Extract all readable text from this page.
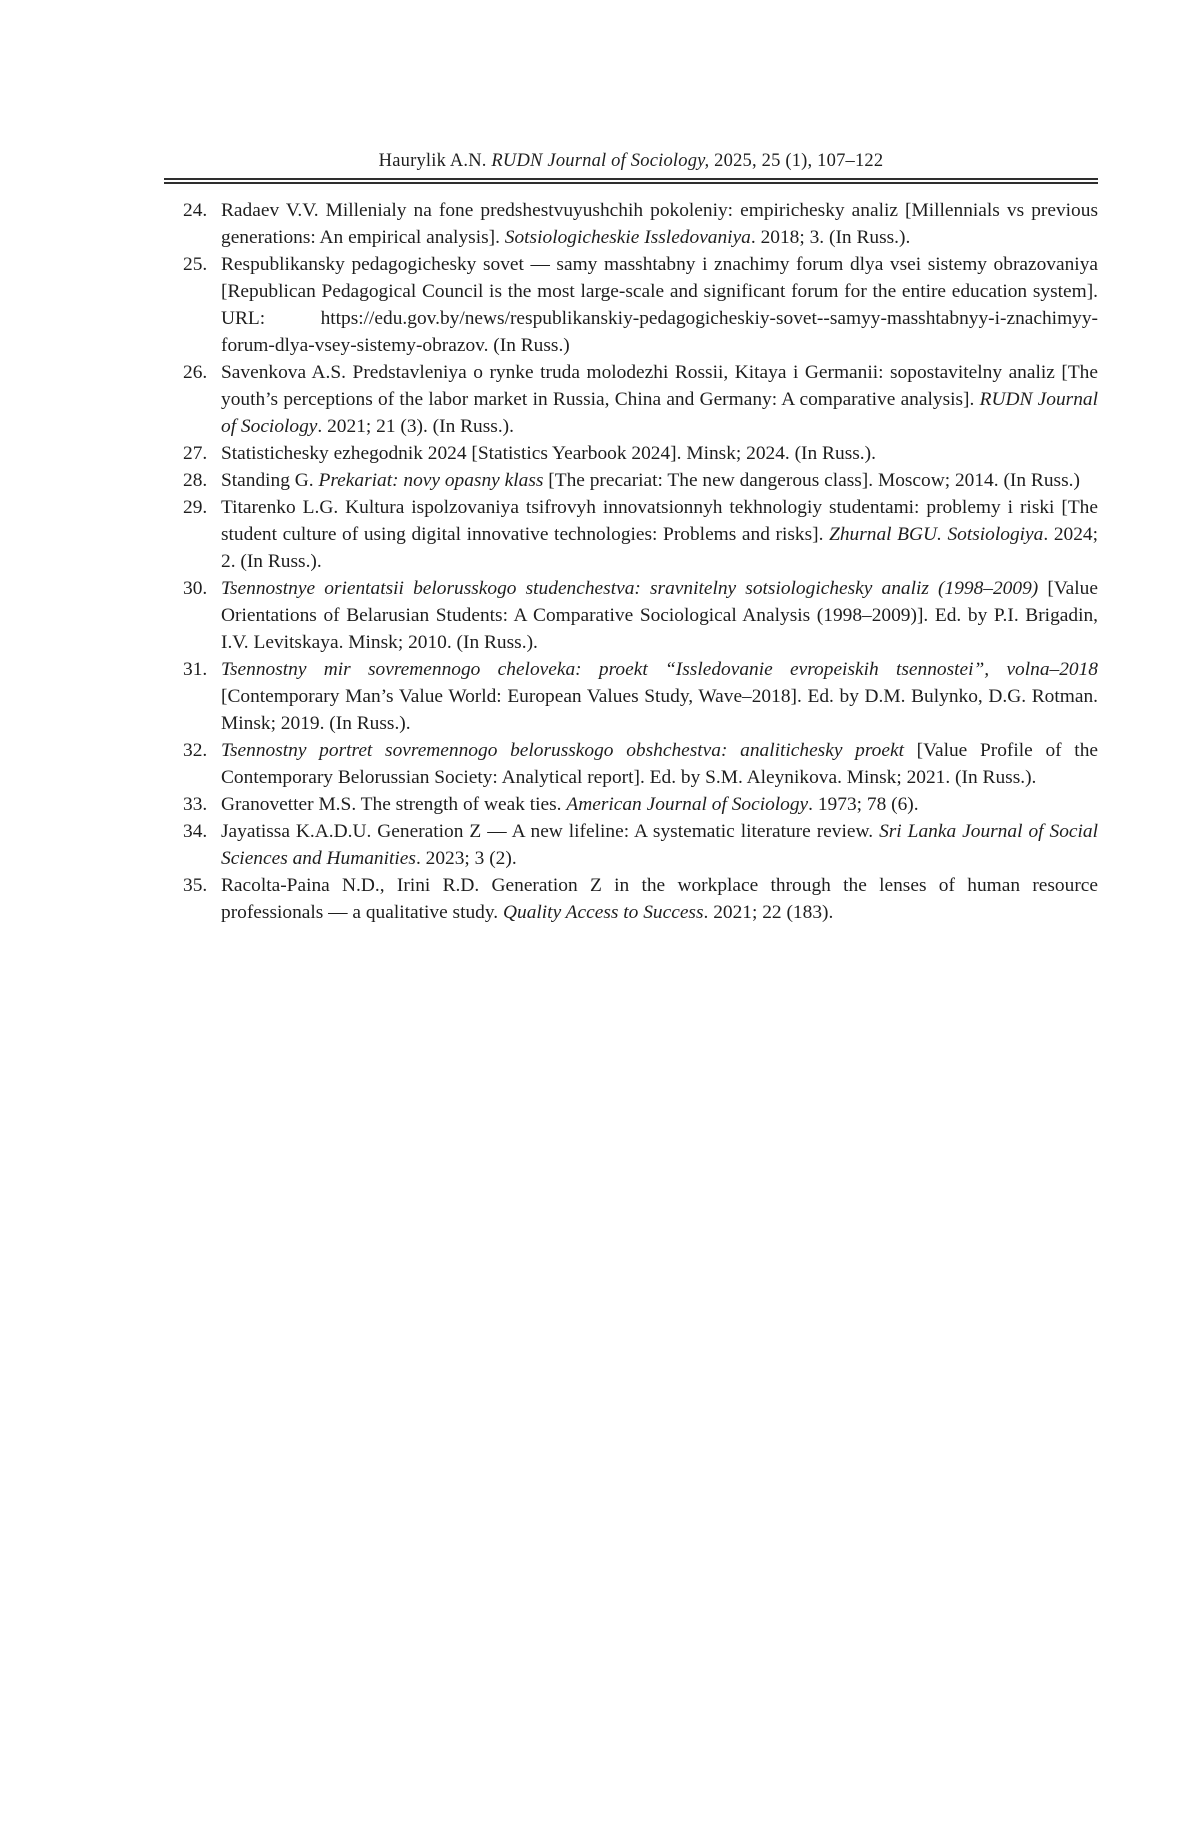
Haurylik A.N. RUDN Journal of Sociology, 2025, 25 (1), 107–122
24. Radaev V.V. Millenialy na fone predshestvuyushchih pokoleniy: empirichesky analiz [Millennials vs previous generations: An empirical analysis]. Sotsiologicheskie Issledovaniya. 2018; 3. (In Russ.).
25. Respublikansky pedagogichesky sovet — samy masshtabny i znachimy forum dlya vsei sistemy obrazovaniya [Republican Pedagogical Council is the most large-scale and significant forum for the entire education system]. URL: https://edu.gov.by/news/respublikanskiy-pedagogicheskiy-sovet--samyy-masshtabnyy-i-znachimyy-forum-dlya-vsey-sistemy-obrazov. (In Russ.)
26. Savenkova A.S. Predstavleniya o rynke truda molodezhi Rossii, Kitaya i Germanii: sopostavitelny analiz [The youth’s perceptions of the labor market in Russia, China and Germany: A comparative analysis]. RUDN Journal of Sociology. 2021; 21 (3). (In Russ.).
27. Statistichesky ezhegodnik 2024 [Statistics Yearbook 2024]. Minsk; 2024. (In Russ.).
28. Standing G. Prekariat: novy opasny klass [The precariat: The new dangerous class]. Moscow; 2014. (In Russ.)
29. Titarenko L.G. Kultura ispolzovaniya tsifrovyh innovatsionnyh tekhnologiy studentami: problemy i riski [The student culture of using digital innovative technologies: Problems and risks]. Zhurnal BGU. Sotsiologiya. 2024; 2. (In Russ.).
30. Tsennostnye orientatsii belorusskogo studenchestva: sravnitelny sotsiologichesky analiz (1998–2009) [Value Orientations of Belarusian Students: A Comparative Sociological Analysis (1998–2009)]. Ed. by P.I. Brigadin, I.V. Levitskaya. Minsk; 2010. (In Russ.).
31. Tsennostny mir sovremennogo cheloveka: proekt “Issledovanie evropeiskih tsennostei”, volna–2018 [Contemporary Man’s Value World: European Values Study, Wave–2018]. Ed. by D.M. Bulynko, D.G. Rotman. Minsk; 2019. (In Russ.).
32. Tsennostny portret sovremennogo belorusskogo obshchestva: analitichesky proekt [Value Profile of the Contemporary Belorussian Society: Analytical report]. Ed. by S.M. Aleynikova. Minsk; 2021. (In Russ.).
33. Granovetter M.S. The strength of weak ties. American Journal of Sociology. 1973; 78 (6).
34. Jayatissa K.A.D.U. Generation Z — A new lifeline: A systematic literature review. Sri Lanka Journal of Social Sciences and Humanities. 2023; 3 (2).
35. Racolta-Paina N.D., Irini R.D. Generation Z in the workplace through the lenses of human resource professionals — a qualitative study. Quality Access to Success. 2021; 22 (183).
